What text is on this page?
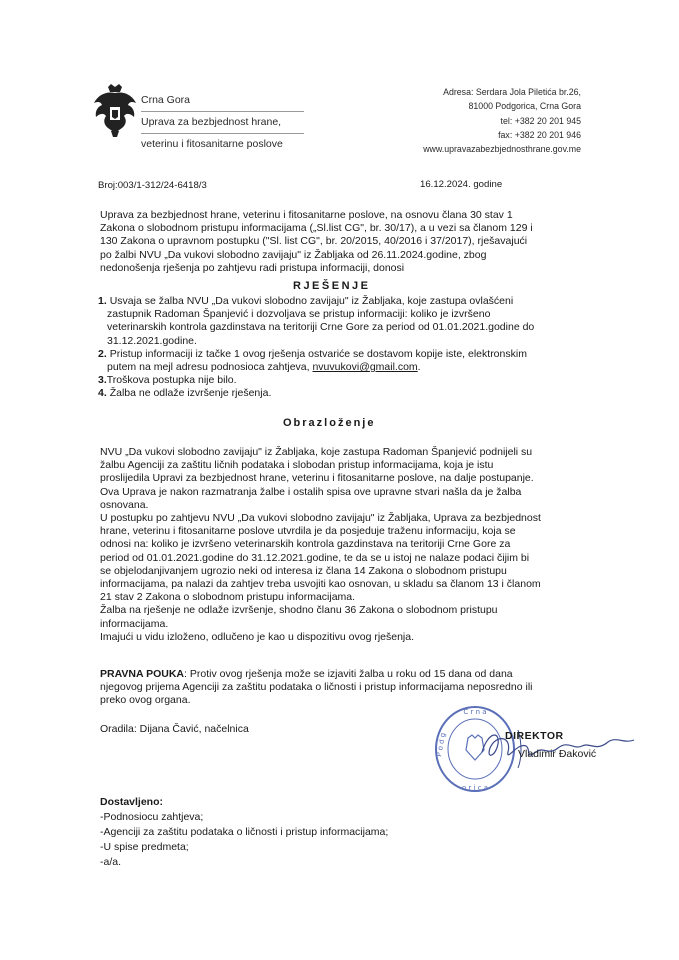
Crna Gora
Uprava za bezbjednost hrane,
veterinu i fitosanitarne poslove
Adresa: Serdara Jola Piletića br.26,
81000 Podgorica, Crna Gora
tel: +382 20 201 945
fax: +382 20 201 946
www.upravazabezbjednosthrane.gov.me
Broj:003/1-312/24-6418/3	16.12.2024. godine
Uprava za bezbjednost hrane, veterinu i fitosanitarne poslove, na osnovu člana 30 stav 1
Zakona o slobodnom pristupu informacijama („Sl.list CG", br. 30/17), a u vezi sa članom 129 i
130 Zakona o upravnom postupku ("Sl. list CG", br. 20/2015, 40/2016 i 37/2017), rješavajući
po žalbi NVU „Da vukovi slobodno zavijaju" iz Žabljaka od 26.11.2024.godine, zbog
nedonošenja rješenja po zahtjevu radi pristupa informaciji, donosi
RJEŠENJE
1. Usvaja se žalba NVU „Da vukovi slobodno zavijaju" iz Žabljaka, koje zastupa ovlašćeni
zastupnik Radoman Španjević i dozvoljava se pristup informaciji: koliko je izvršeno
veterinarskih kontrola gazdinstava na teritoriji Crne Gore za period od 01.01.2021.godine do
31.12.2021.godine.
2. Pristup informaciji iz tačke 1 ovog rješenja ostvariće se dostavom kopije iste, elektronskim
putem na mejl adresu podnosioca zahtjeva, nvuvukovi@gmail.com.
3.Troškova postupka nije bilo.
4. Žalba ne odlaže izvršenje rješenja.
Obrazloženje
NVU „Da vukovi slobodno zavijaju" iz Žabljaka, koje zastupa Radoman Španjević podnijeli su
žalbu Agenciji za zaštitu ličnih podataka i slobodan pristup informacijama, koja je istu
proslijedila Upravi za bezbjednost hrane, veterinu i fitosanitarne poslove, na dalje postupanje.
Ova Uprava je nakon razmatranja žalbe i ostalih spisa ove upravne stvari našla da je žalba
osnovana.
U postupku po zahtjevu NVU „Da vukovi slobodno zavijaju" iz Žabljaka, Uprava za bezbjednost
hrane, veterinu i fitosanitarne poslove utvrdila je da posjeduje traženu informaciju, koja se
odnosi na: koliko je izvršeno veterinarskih kontrola gazdinstava na teritoriji Crne Gore za
period od 01.01.2021.godine do 31.12.2021.godine, te da se u istoj ne nalaze podaci čijim bi
se objelodanjivanjem ugrozio neki od interesa iz člana 14 Zakona o slobodnom pristupu
informacijama, pa nalazi da zahtjev treba usvojiti kao osnovan, u skladu sa članom 13 i članom
21 stav 2 Zakona o slobodnom pristupu informacijama.
Žalba na rješenje ne odlaže izvršenje, shodno članu 36 Zakona o slobodnom pristupu
informacijama.
Imajući u vidu izloženo, odlučeno je kao u dispozitivu ovog rješenja.
PRAVNA POUKA: Protiv ovog rješenja može se izjaviti žalba u roku od 15 dana od dana
njegovog prijema Agenciji za zaštitu podataka o ličnosti i pristup informacijama neposredno ili
preko ovog organa.
Oradila: Dijana Čavić, načelnica
C r n a
o r i c a
P o d g	DIREKTOR
Vladimir Đaković
Dostavljeno:
-Podnosiocu zahtjeva;
-Agenciji za zaštitu podataka o ličnosti i pristup informacijama;
-U spise predmeta;
-a/a.
